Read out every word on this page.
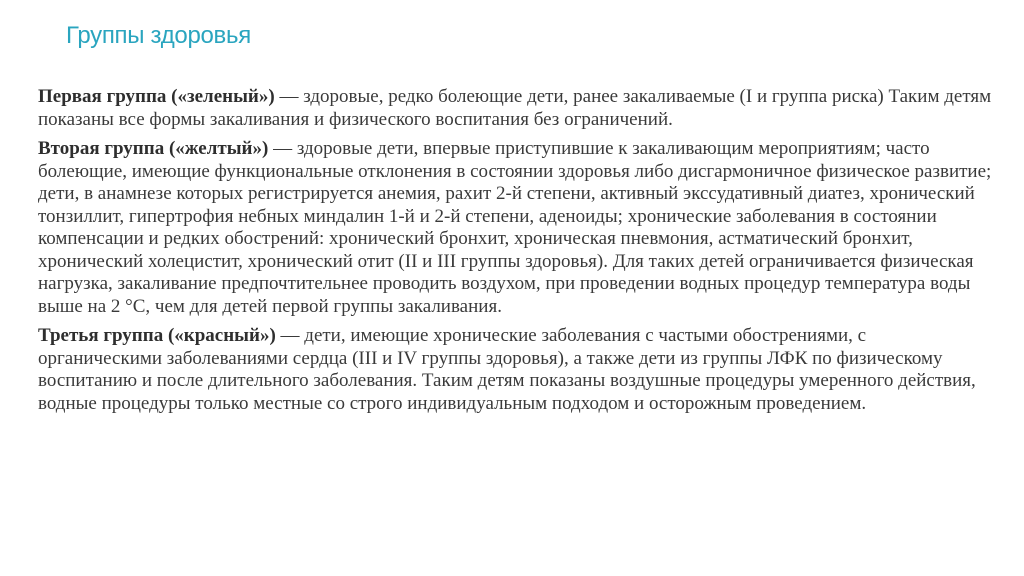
Группы здоровья

Первая группа («зеленый») — здоровые, редко болеющие дети, ранее закаливаемые (I и группа риска) Таким детям показаны все формы закаливания и физического воспитания без ограничений.

Вторая группа («желтый») — здоровые дети, впервые приступившие к закаливающим мероприятиям; часто болеющие, имеющие функциональные отклонения в состоянии здоровья либо дисгармоничное физическое развитие; дети, в анамнезе которых регистрируется анемия, рахит 2-й степени, активный экссудативный диатез, хронический тонзиллит, гипертрофия небных миндалин 1-й и 2-й степени, аденоиды; хронические заболевания в состоянии компенсации и редких обострений: хронический бронхит, хроническая пневмония, астматический бронхит, хронический холецистит, хронический отит (II и III группы здоровья). Для таких детей ограничивается физическая нагрузка, закаливание предпочтительнее проводить воздухом, при проведении водных процедур температура воды выше на 2 °С, чем для детей первой группы закаливания.

Третья группа («красный») — дети, имеющие хронические заболевания с частыми обострениями, с органическими заболеваниями сердца (III и IV группы здоровья), а также дети из группы ЛФК по физическому воспитанию и после длительного заболевания. Таким детям показаны воздушные процедуры умеренного действия, водные процедуры только местные со строго индивидуальным подходом и осторожным проведением.
